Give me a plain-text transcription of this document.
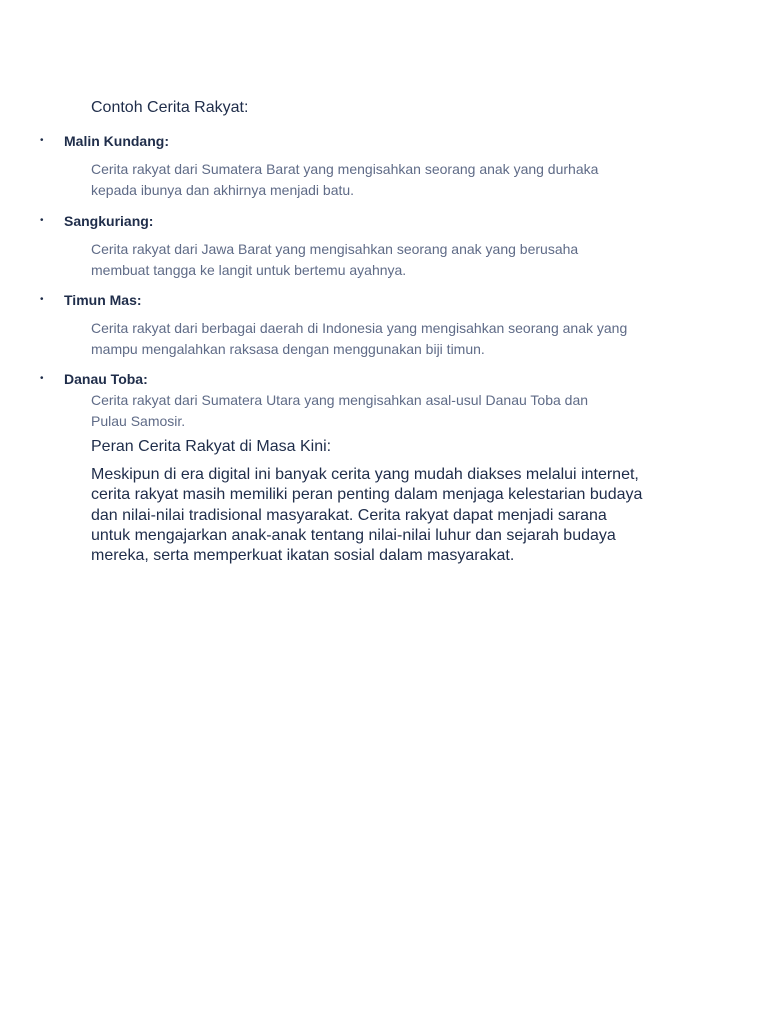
Contoh Cerita Rakyat:
• Malin Kundang:
Cerita rakyat dari Sumatera Barat yang mengisahkan seorang anak yang durhaka
kepada ibunya dan akhirnya menjadi batu.
• Sangkuriang:
Cerita rakyat dari Jawa Barat yang mengisahkan seorang anak yang berusaha
membuat tangga ke langit untuk bertemu ayahnya.
• Timun Mas:
Cerita rakyat dari berbagai daerah di Indonesia yang mengisahkan seorang anak yang
mampu mengalahkan raksasa dengan menggunakan biji timun.
• Danau Toba:
Cerita rakyat dari Sumatera Utara yang mengisahkan asal-usul Danau Toba dan
Pulau Samosir.
Peran Cerita Rakyat di Masa Kini:
Meskipun di era digital ini banyak cerita yang mudah diakses melalui internet,
cerita rakyat masih memiliki peran penting dalam menjaga kelestarian budaya
dan nilai-nilai tradisional masyarakat. Cerita rakyat dapat menjadi sarana
untuk mengajarkan anak-anak tentang nilai-nilai luhur dan sejarah budaya
mereka, serta memperkuat ikatan sosial dalam masyarakat.
